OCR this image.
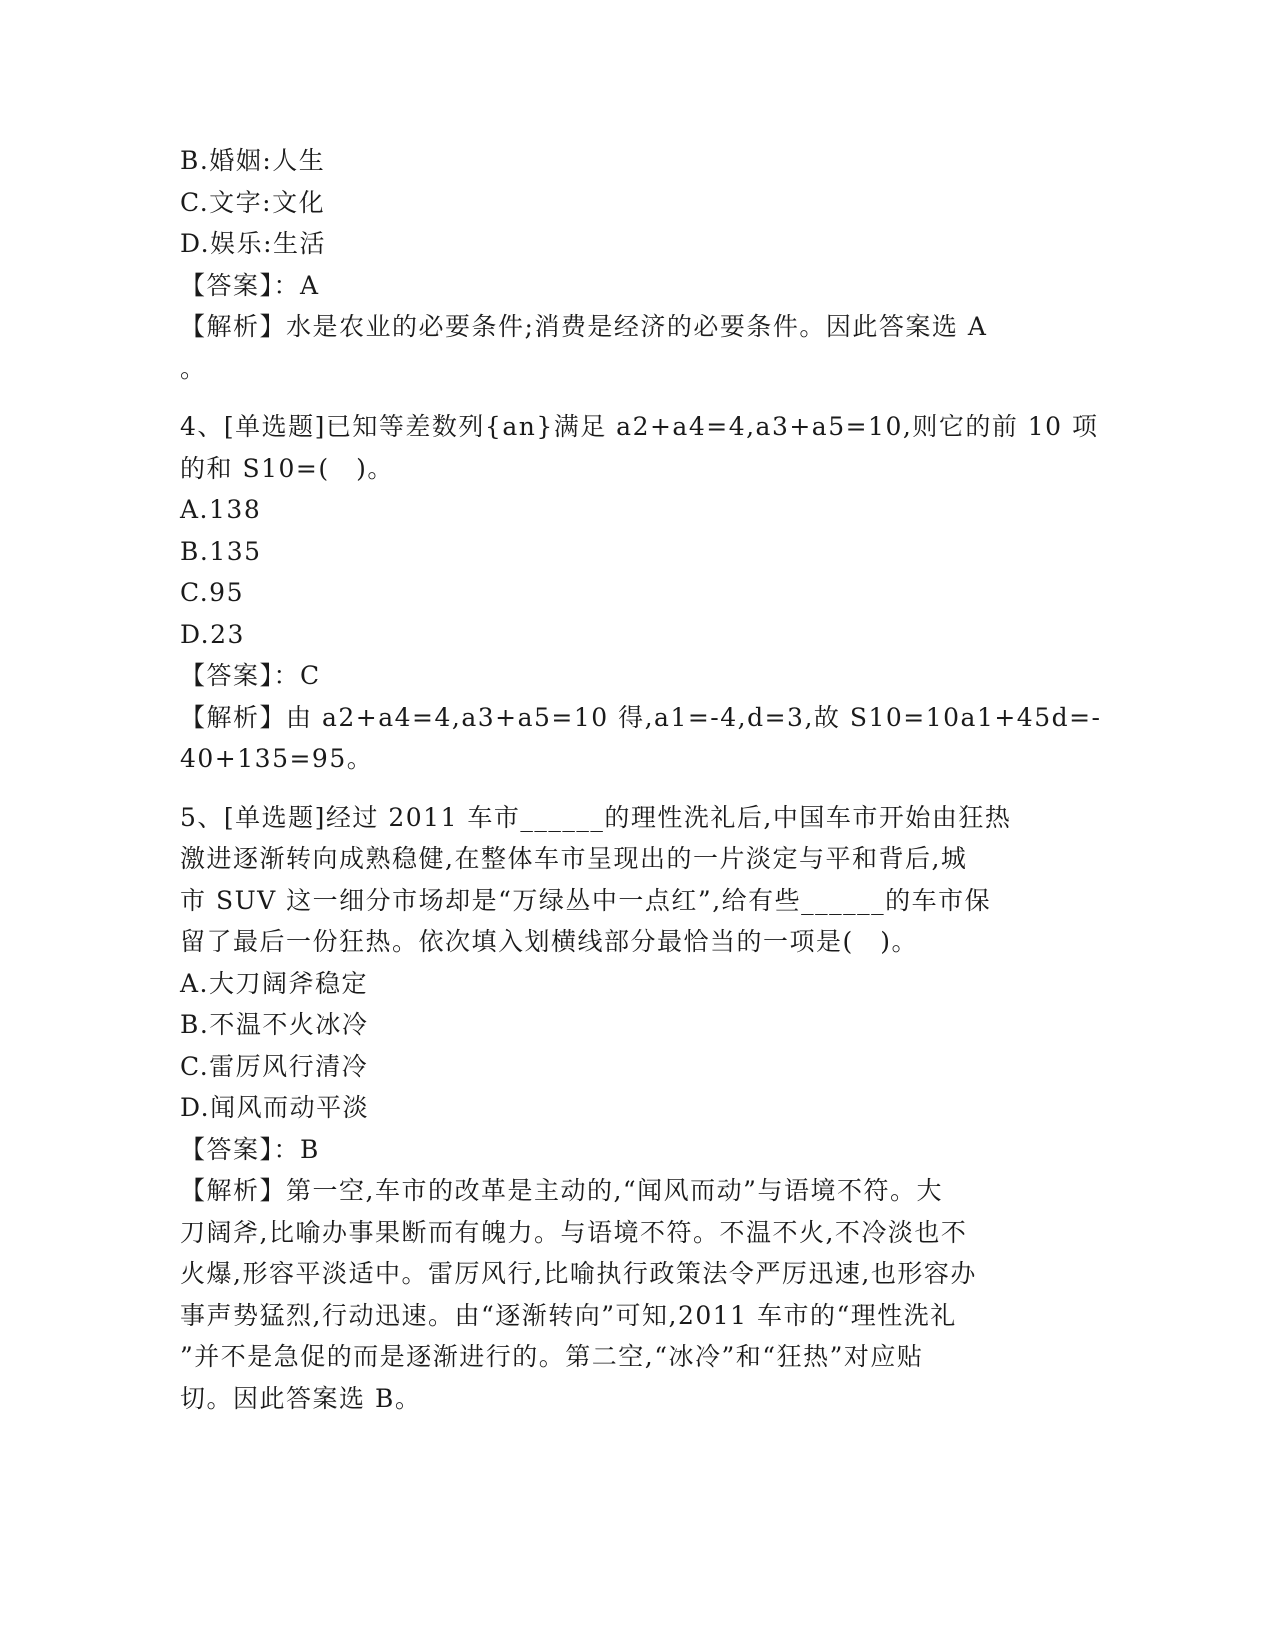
B.婚姻:人生
C.文字:文化
D.娱乐:生活
【答案】：A
【解析】水是农业的必要条件;消费是经济的必要条件。因此答案选 A
。
4、[单选题]已知等差数列{an}满足 a2+a4=4,a3+a5=10,则它的前 10 项
的和 S10=(　)。
A.138
B.135
C.95
D.23
【答案】：C
【解析】由 a2+a4=4,a3+a5=10 得,a1=-4,d=3,故 S10=10a1+45d=-
40+135=95。
5、[单选题]经过 2011 车市______的理性洗礼后,中国车市开始由狂热
激进逐渐转向成熟稳健,在整体车市呈现出的一片淡定与平和背后,城
市 SUV 这一细分市场却是“万绿丛中一点红”,给有些______的车市保
留了最后一份狂热。依次填入划横线部分最恰当的一项是(　)。
A.大刀阔斧稳定
B.不温不火冰冷
C.雷厉风行清冷
D.闻风而动平淡
【答案】：B
【解析】第一空,车市的改革是主动的,“闻风而动”与语境不符。大
刀阔斧,比喻办事果断而有魄力。与语境不符。不温不火,不冷淡也不
火爆,形容平淡适中。雷厉风行,比喻执行政策法令严厉迅速,也形容办
事声势猛烈,行动迅速。由“逐渐转向”可知,2011 车市的“理性洗礼
”并不是急促的而是逐渐进行的。第二空,“冰冷”和“狂热”对应贴
切。因此答案选 B。
